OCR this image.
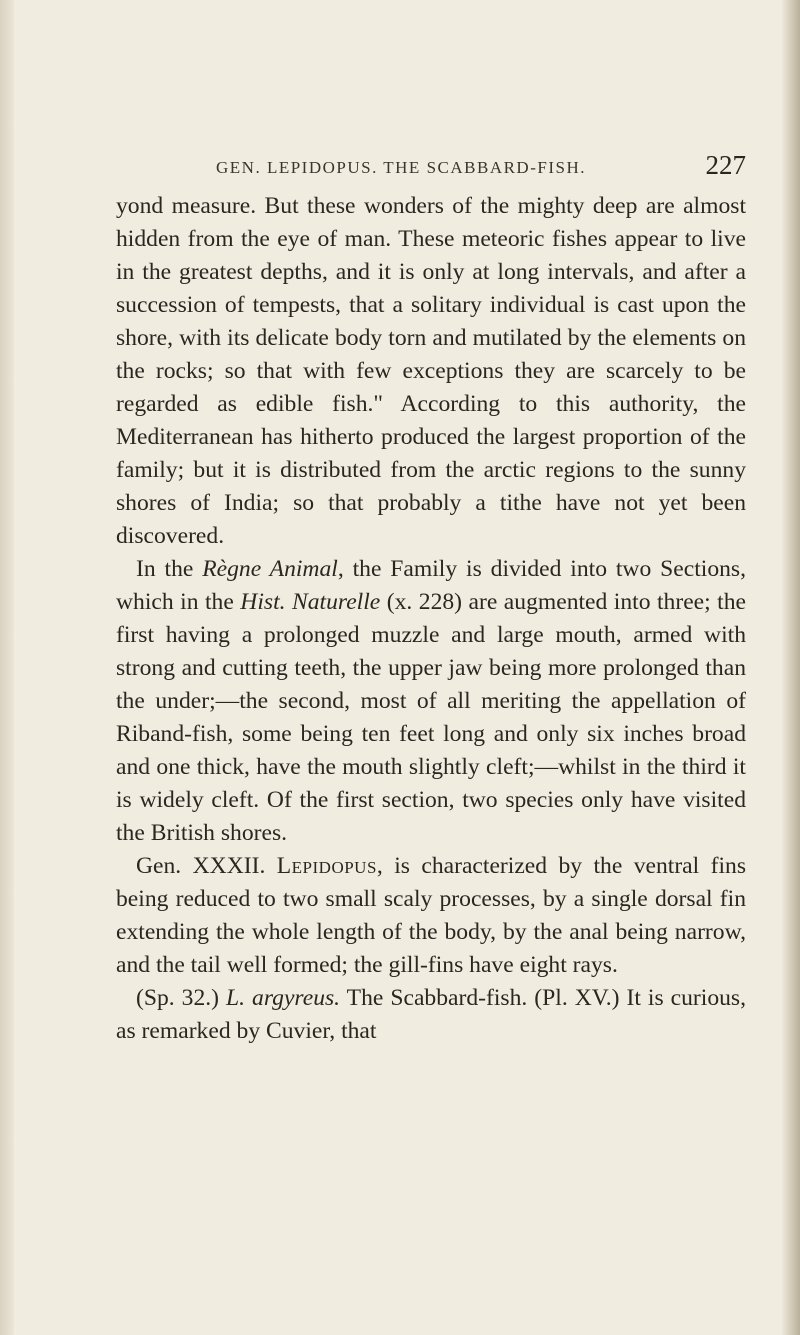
GEN. LEPIDOPUS. THE SCABBARD-FISH.	227

yond measure. But these wonders of the mighty deep are almost hidden from the eye of man. These meteoric fishes appear to live in the greatest depths, and it is only at long intervals, and after a succession of tempests, that a solitary individual is cast upon the shore, with its delicate body torn and mutilated by the elements on the rocks; so that with few exceptions they are scarcely to be regarded as edible fish." According to this authority, the Mediterranean has hitherto produced the largest proportion of the family; but it is distributed from the arctic regions to the sunny shores of India; so that probably a tithe have not yet been discovered.

In the Règne Animal, the Family is divided into two Sections, which in the Hist. Naturelle (x. 228) are augmented into three; the first having a prolonged muzzle and large mouth, armed with strong and cutting teeth, the upper jaw being more prolonged than the under;—the second, most of all meriting the appellation of Riband-fish, some being ten feet long and only six inches broad and one thick, have the mouth slightly cleft;—whilst in the third it is widely cleft. Of the first section, two species only have visited the British shores.

Gen. XXXII. Lepidopus, is characterized by the ventral fins being reduced to two small scaly processes, by a single dorsal fin extending the whole length of the body, by the anal being narrow, and the tail well formed; the gill-fins have eight rays.

(Sp. 32.) L. argyreus. The Scabbard-fish. (Pl. XV.) It is curious, as remarked by Cuvier, that
